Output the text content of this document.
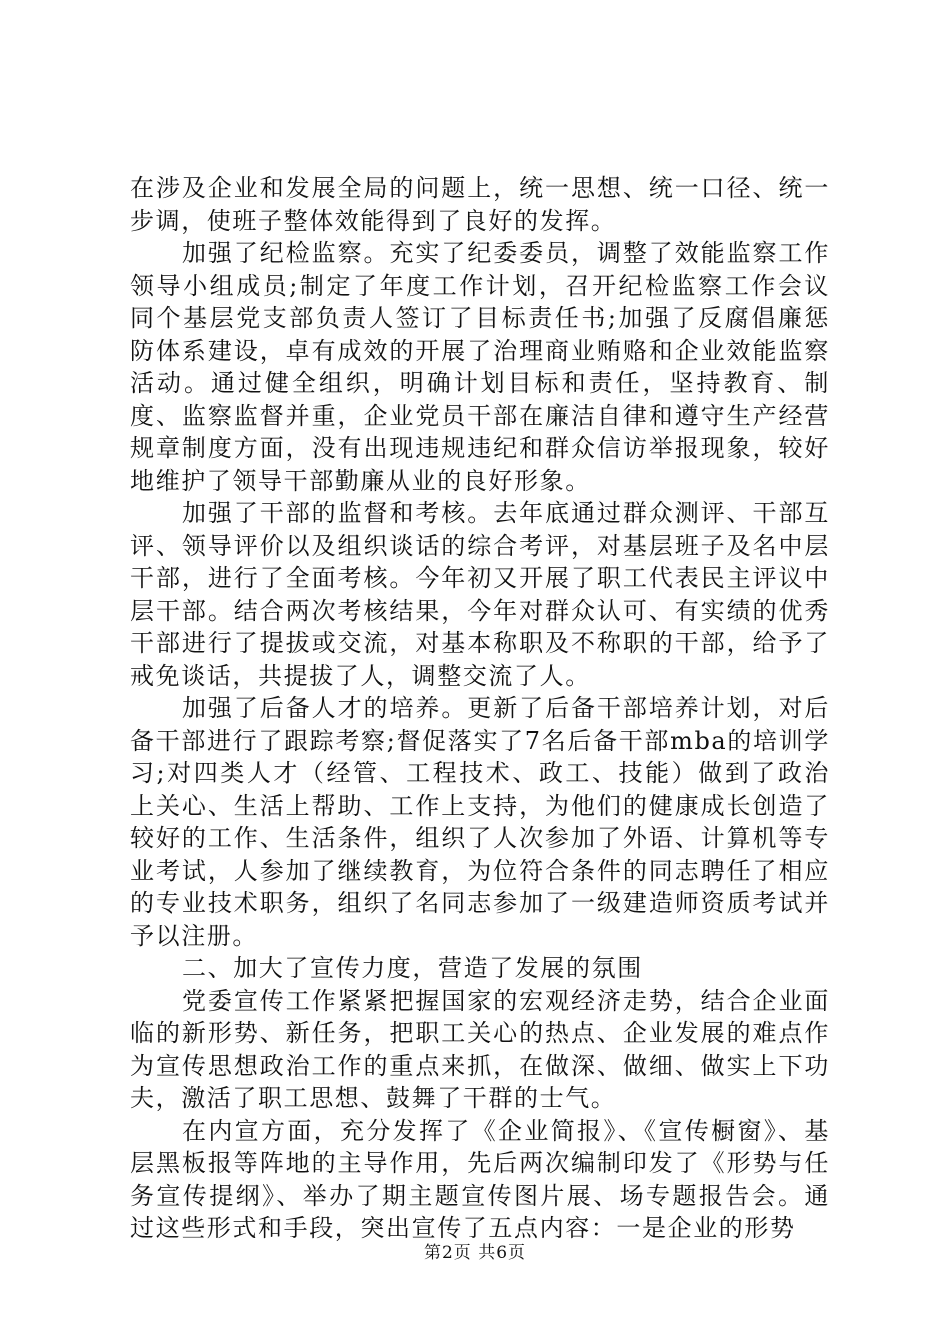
在涉及企业和发展全局的问题上，统一思想、统一口径、统一步调，使班子整体效能得到了良好的发挥。

加强了纪检监察。充实了纪委委员，调整了效能监察工作领导小组成员;制定了年度工作计划，召开纪检监察工作会议同个基层党支部负责人签订了目标责任书;加强了反腐倡廉惩防体系建设，卓有成效的开展了治理商业贿赂和企业效能监察活动。通过健全组织，明确计划目标和责任，坚持教育、制度、监察监督并重，企业党员干部在廉洁自律和遵守生产经营规章制度方面，没有出现违规违纪和群众信访举报现象，较好地维护了领导干部勤廉从业的良好形象。

加强了干部的监督和考核。去年底通过群众测评、干部互评、领导评价以及组织谈话的综合考评，对基层班子及名中层干部，进行了全面考核。今年初又开展了职工代表民主评议中层干部。结合两次考核结果，今年对群众认可、有实绩的优秀干部进行了提拔或交流，对基本称职及不称职的干部，给予了戒免谈话，共提拔了人，调整交流了人。

加强了后备人才的培养。更新了后备干部培养计划，对后备干部进行了跟踪考察;督促落实了7名后备干部mba的培训学习;对四类人才（经管、工程技术、政工、技能）做到了政治上关心、生活上帮助、工作上支持，为他们的健康成长创造了较好的工作、生活条件，组织了人次参加了外语、计算机等专业考试，人参加了继续教育，为位符合条件的同志聘任了相应的专业技术职务，组织了名同志参加了一级建造师资质考试并予以注册。

二、加大了宣传力度，营造了发展的氛围

党委宣传工作紧紧把握国家的宏观经济走势，结合企业面临的新形势、新任务，把职工关心的热点、企业发展的难点作为宣传思想政治工作的重点来抓，在做深、做细、做实上下功夫，激活了职工思想、鼓舞了干群的士气。

在内宣方面，充分发挥了《企业简报》、《宣传橱窗》、基层黑板报等阵地的主导作用，先后两次编制印发了《形势与任务宣传提纲》、举办了期主题宣传图片展、场专题报告会。通过这些形式和手段，突出宣传了五点内容：一是企业的形势

第2页 共6页
